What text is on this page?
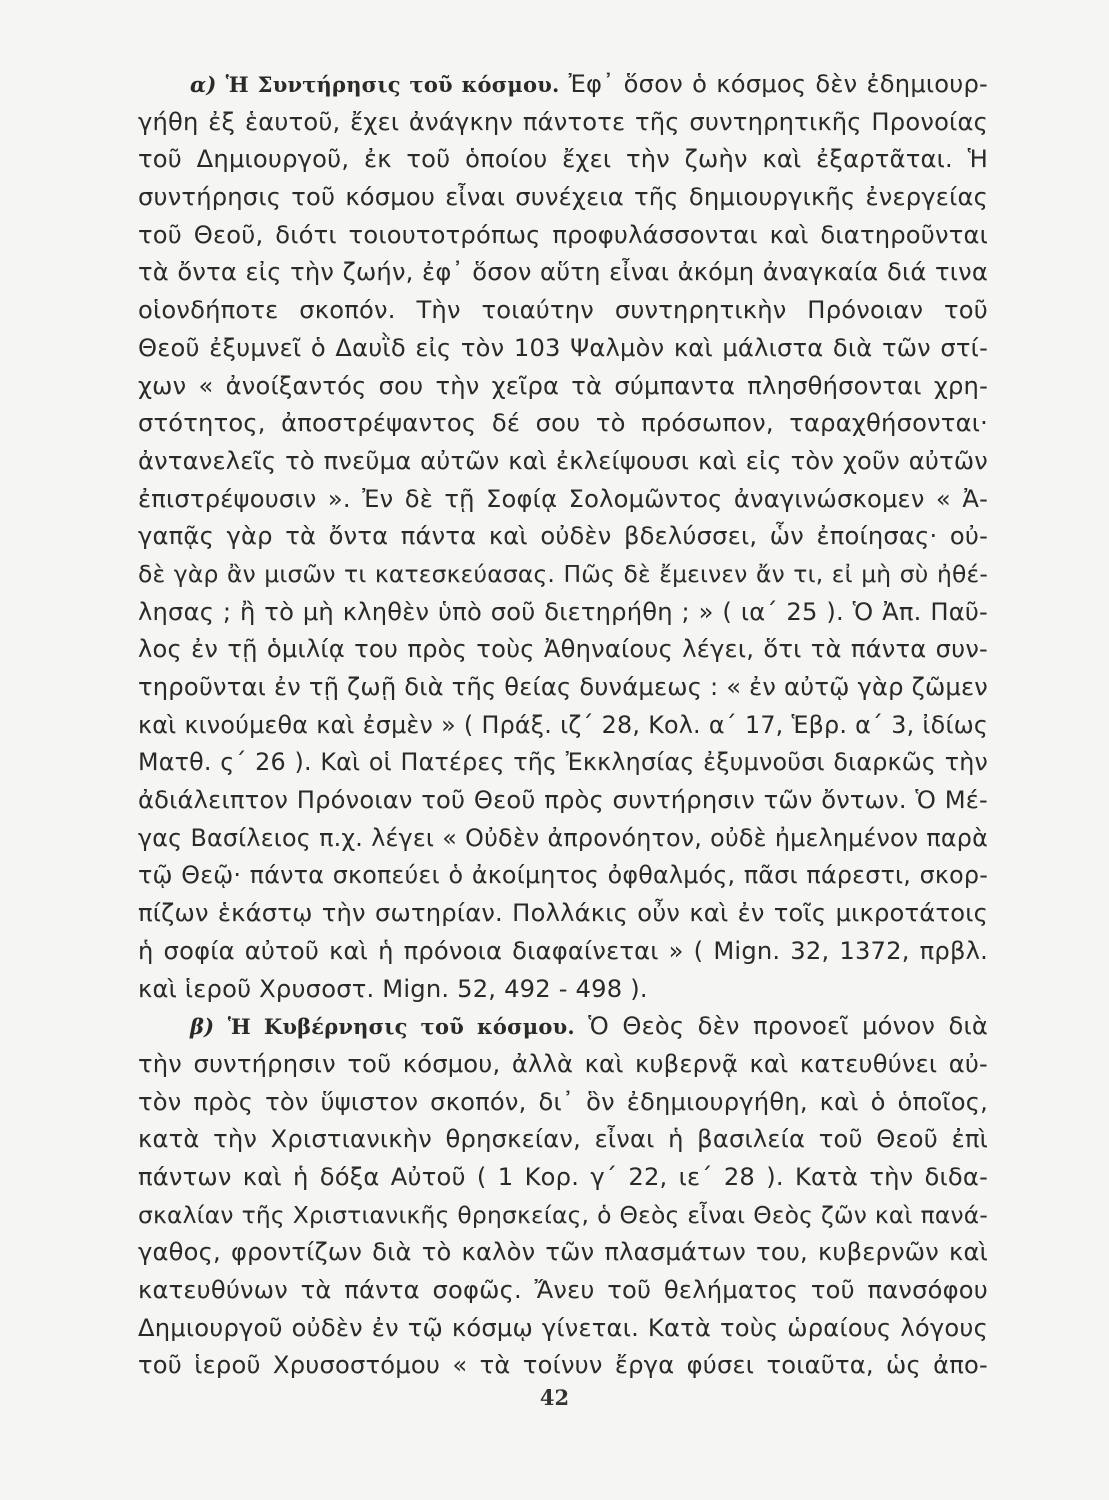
α) Ἡ Συντήρησις τοῦ κόσμου. Ἐφ᾽ ὅσον ὁ κόσμος δὲν ἐδημιουρ-
γήθη ἐξ ἑαυτοῦ, ἔχει ἀνάγκην πάντοτε τῆς συντηρητικῆς Προνοίας
τοῦ Δημιουργοῦ, ἐκ τοῦ ὁποίου ἔχει τὴν ζωὴν καὶ ἐξαρτᾶται. Ἡ
συντήρησις τοῦ κόσμου εἶναι συνέχεια τῆς δημιουργικῆς ἐνεργείας
τοῦ Θεοῦ, διότι τοιουτοτρόπως προφυλάσσονται καὶ διατηροῦνται
τὰ ὄντα εἰς τὴν ζωήν, ἐφ᾽ ὅσον αὕτη εἶναι ἀκόμη ἀναγκαία διά τινα
οἱονδήποτε σκοπόν. Τὴν τοιαύτην συντηρητικὴν Πρόνοιαν τοῦ
Θεοῦ ἐξυμνεῖ ὁ Δαυῒδ εἰς τὸν 103 Ψαλμὸν καὶ μάλιστα διὰ τῶν στί-
χων « ἀνοίξαντός σου τὴν χεῖρα τὰ σύμπαντα πλησθήσονται χρη-
στότητος, ἀποστρέψαντος δέ σου τὸ πρόσωπον, ταραχθήσονται·
ἀντανελεῖς τὸ πνεῦμα αὐτῶν καὶ ἐκλείψουσι καὶ εἰς τὸν χοῦν αὐτῶν
ἐπιστρέψουσιν ». Ἐν δὲ τῇ Σοφίᾳ Σολομῶντος ἀναγινώσκομεν « Ἀ-
γαπᾷς γὰρ τὰ ὄντα πάντα καὶ οὐδὲν βδελύσσει, ὧν ἐποίησας· οὐ-
δὲ γὰρ ἂν μισῶν τι κατεσκεύασας. Πῶς δὲ ἔμεινεν ἄν τι, εἰ μὴ σὺ ἠθέ-
λησας ; ἢ τὸ μὴ κληθὲν ὑπὸ σοῦ διετηρήθη ; » ( ια´ 25 ). Ὁ Ἀπ. Παῦ-
λος ἐν τῇ ὁμιλίᾳ του πρὸς τοὺς Ἀθηναίους λέγει, ὅτι τὰ πάντα συν-
τηροῦνται ἐν τῇ ζωῇ διὰ τῆς θείας δυνάμεως : « ἐν αὐτῷ γὰρ ζῶμεν
καὶ κινούμεθα καὶ ἐσμὲν » ( Πράξ. ιζ´ 28, Κολ. α´ 17, Ἑβρ. α´ 3, ἰδίως
Ματθ. ς´ 26 ). Καὶ οἱ Πατέρες τῆς Ἐκκλησίας ἐξυμνοῦσι διαρκῶς τὴν
ἀδιάλειπτον Πρόνοιαν τοῦ Θεοῦ πρὸς συντήρησιν τῶν ὄντων. Ὁ Μέ-
γας Βασίλειος π.χ. λέγει « Οὐδὲν ἀπρονόητον, οὐδὲ ἠμελημένον παρὰ
τῷ Θεῷ· πάντα σκοπεύει ὁ ἀκοίμητος ὀφθαλμός, πᾶσι πάρεστι, σκορ-
πίζων ἑκάστῳ τὴν σωτηρίαν. Πολλάκις οὖν καὶ ἐν τοῖς μικροτάτοις
ἡ σοφία αὐτοῦ καὶ ἡ πρόνοια διαφαίνεται » ( Mign. 32, 1372, πρβλ.
καὶ ἱεροῦ Χρυσοστ. Mign. 52, 492 - 498 ).
β) Ἡ Κυβέρνησις τοῦ κόσμου. Ὁ Θεὸς δὲν προνοεῖ μόνον διὰ
τὴν συντήρησιν τοῦ κόσμου, ἀλλὰ καὶ κυβερνᾷ καὶ κατευθύνει αὐ-
τὸν πρὸς τὸν ὕψιστον σκοπόν, δι᾽ ὃν ἐδημιουργήθη, καὶ ὁ ὁποῖος,
κατὰ τὴν Χριστιανικὴν θρησκείαν, εἶναι ἡ βασιλεία τοῦ Θεοῦ ἐπὶ
πάντων καὶ ἡ δόξα Αὐτοῦ ( 1 Κορ. γ´ 22, ιε´ 28 ). Κατὰ τὴν διδα-
σκαλίαν τῆς Χριστιανικῆς θρησκείας, ὁ Θεὸς εἶναι Θεὸς ζῶν καὶ πανά-
γαθος, φροντίζων διὰ τὸ καλὸν τῶν πλασμάτων του, κυβερνῶν καὶ
κατευθύνων τὰ πάντα σοφῶς. Ἄνευ τοῦ θελήματος τοῦ πανσόφου
Δημιουργοῦ οὐδὲν ἐν τῷ κόσμῳ γίνεται. Κατὰ τοὺς ὡραίους λόγους
τοῦ ἱεροῦ Χρυσοστόμου « τὰ τοίνυν ἔργα φύσει τοιαῦτα, ὡς ἀπο-
42
